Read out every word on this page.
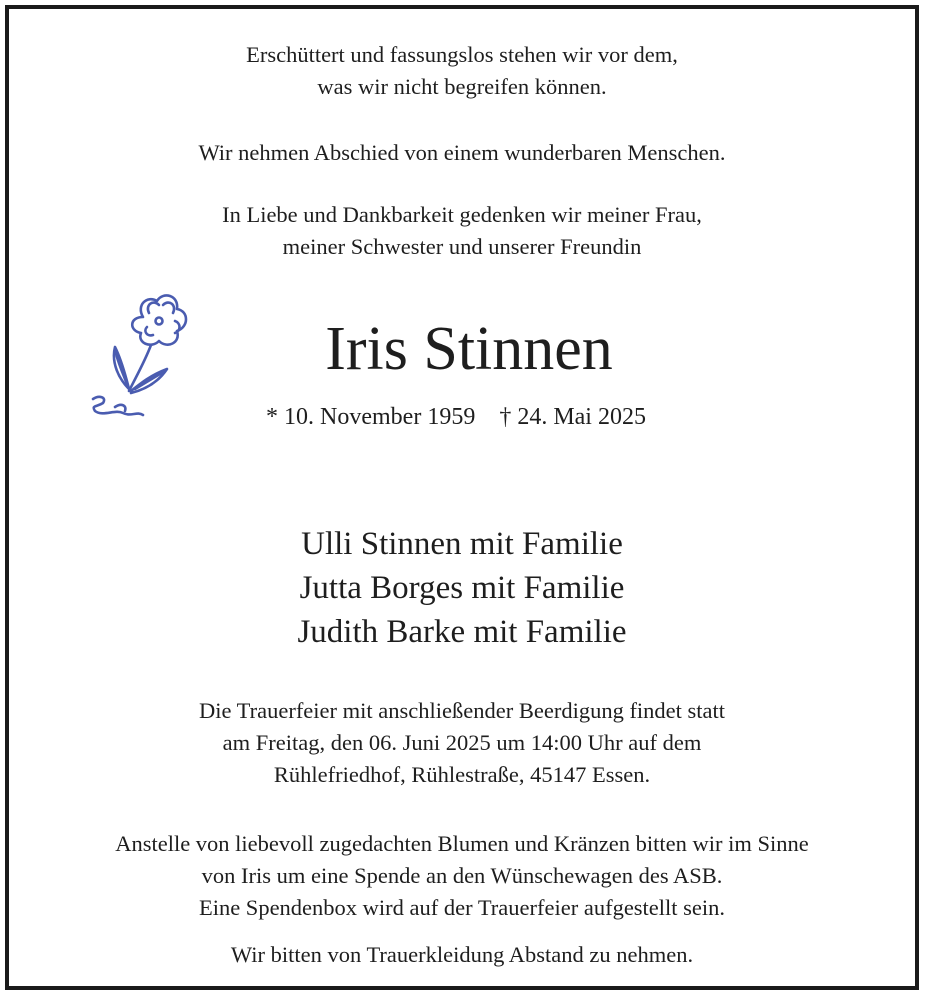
Erschüttert und fassungslos stehen wir vor dem,

was wir nicht begreifen können.

Wir nehmen Abschied von einem wunderbaren Menschen.

In Liebe und Dankbarkeit gedenken wir meiner Frau,

meiner Schwester und unserer Freundin

Iris Stinnen

* 10. November 1959    † 24. Mai 2025

Ulli Stinnen mit Familie

Jutta Borges mit Familie

Judith Barke mit Familie

Die Trauerfeier mit anschließender Beerdigung findet statt

am Freitag, den 06. Juni 2025 um 14:00 Uhr auf dem

Rühlefriedhof, Rühlestraße, 45147 Essen.

Anstelle von liebevoll zugedachten Blumen und Kränzen bitten wir im Sinne

von Iris um eine Spende an den Wünschewagen des ASB.

Eine Spendenbox wird auf der Trauerfeier aufgestellt sein.

Wir bitten von Trauerkleidung Abstand zu nehmen.
